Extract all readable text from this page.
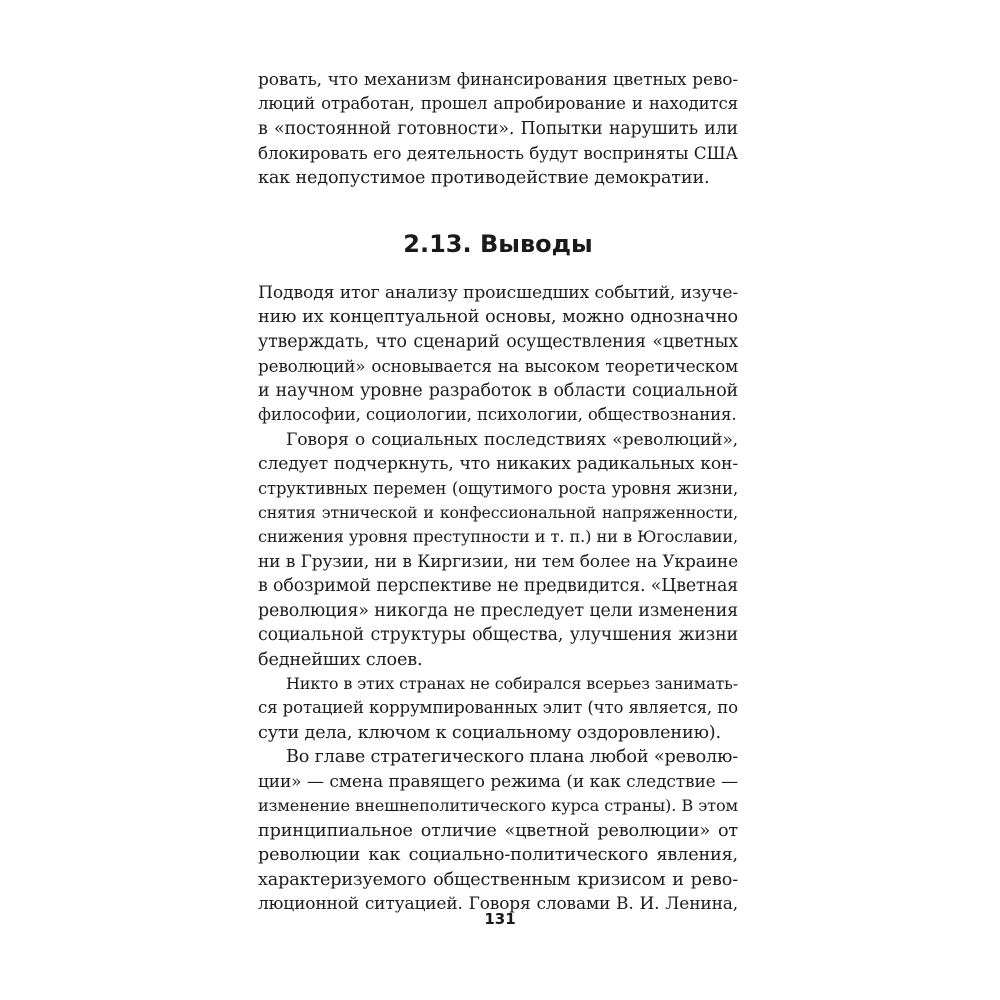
ровать, что механизм финансирования цветных рево-
люций отработан, прошел апробирование и находится
в «постоянной готовности». Попытки нарушить или
блокировать его деятельность будут восприняты США
как недопустимое противодействие демократии.
2.13. Выводы
Подводя итог анализу происшедших событий, изуче-
нию их концептуальной основы, можно однозначно
утверждать, что сценарий осуществления «цветных
революций» основывается на высоком теоретическом
и научном уровне разработок в области социальной
философии, социологии, психологии, обществознания.
Говоря о социальных последствиях «революций»,
следует подчеркнуть, что никаких радикальных кон-
структивных перемен (ощутимого роста уровня жизни,
снятия этнической и конфессиональной напряженности,
снижения уровня преступности и т. п.) ни в Югославии,
ни в Грузии, ни в Киргизии, ни тем более на Украине
в обозримой перспективе не предвидится. «Цветная
революция» никогда не преследует цели изменения
социальной структуры общества, улучшения жизни
беднейших слоев.
Никто в этих странах не собирался всерьез занимать-
ся ротацией коррумпированных элит (что является, по
сути дела, ключом к социальному оздоровлению).
Во главе стратегического плана любой «револю-
ции» — смена правящего режима (и как следствие —
изменение внешнеполитического курса страны). В этом
принципиальное отличие «цветной революции» от
революции как социально-политического явления,
характеризуемого общественным кризисом и рево-
люционной ситуацией. Говоря словами В. И. Ленина,
131
